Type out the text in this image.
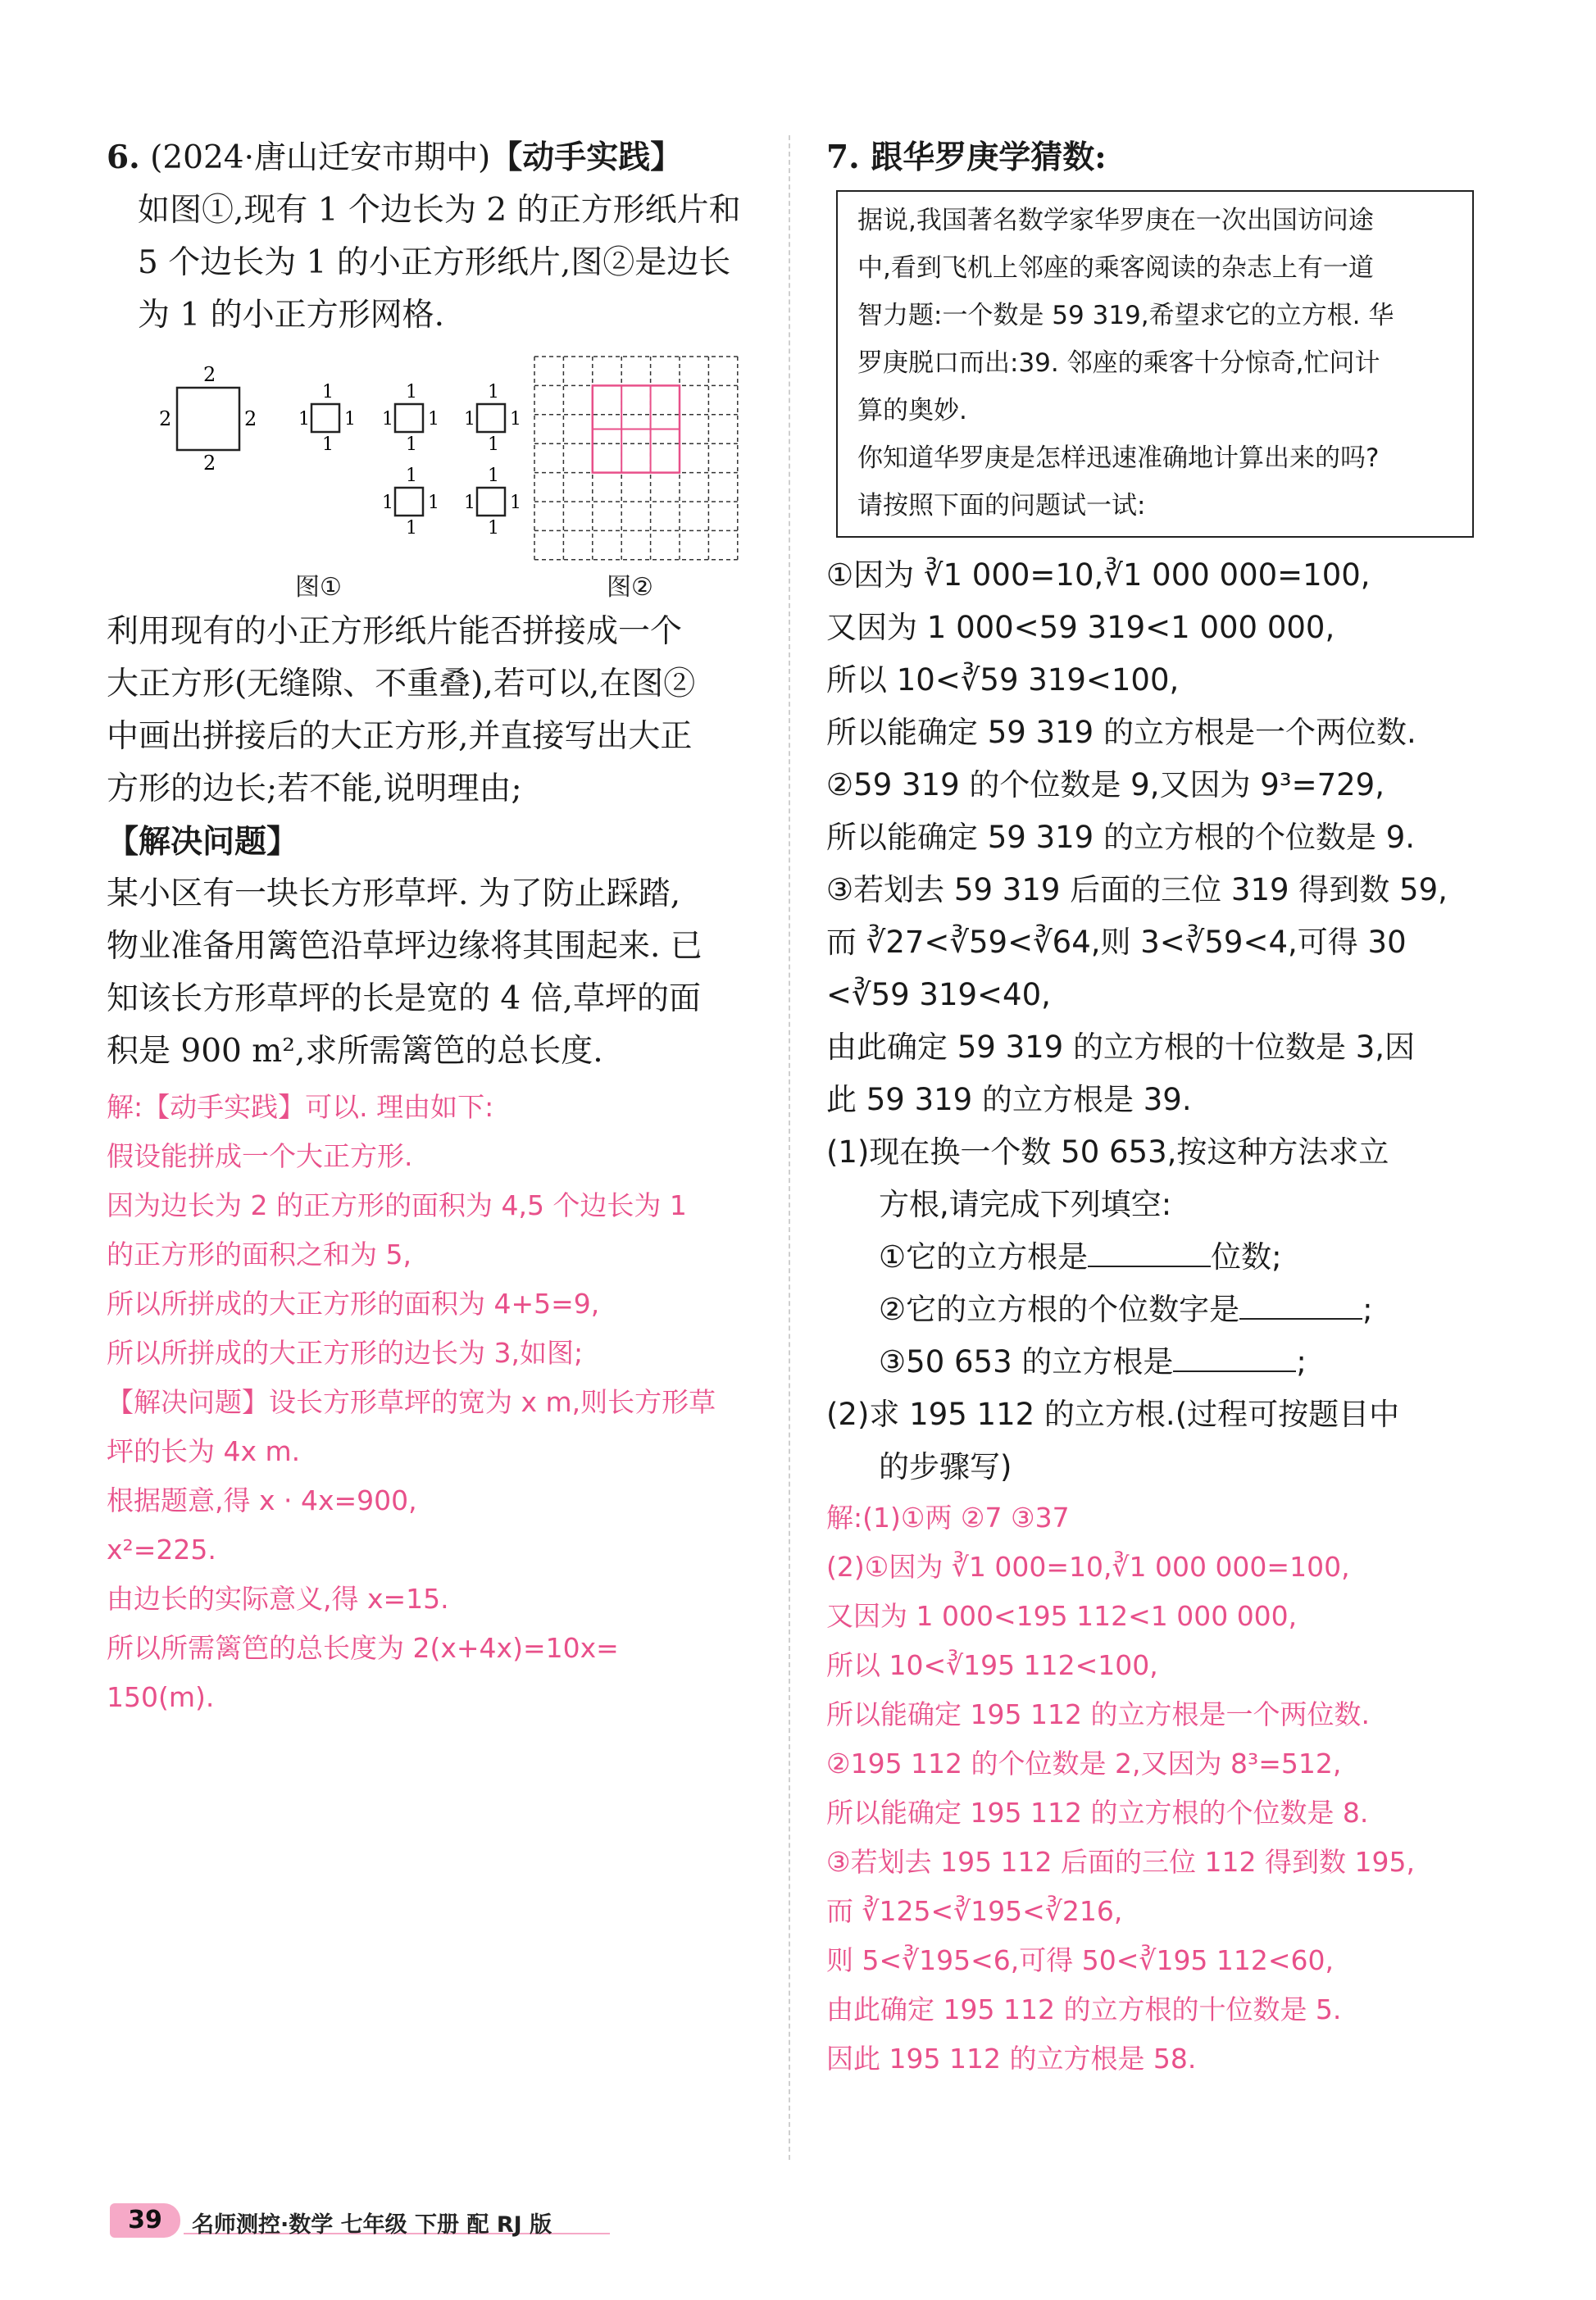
6. (2024·唐山迁安市期中)【动手实践】

如图①,现有 1 个边长为 2 的正方形纸片和

5 个边长为 1 的小正方形纸片,图②是边长

为 1 的小正方形网格.

2
2
2	2
1
1
1 1
1
1
1 1
1
1
1 1
1
1
1 1
1
1
1 1
图①	图②

利用现有的小正方形纸片能否拼接成一个

大正方形(无缝隙、不重叠),若可以,在图②

中画出拼接后的大正方形,并直接写出大正

方形的边长;若不能,说明理由;

【解决问题】

某小区有一块长方形草坪. 为了防止踩踏,

物业准备用篱笆沿草坪边缘将其围起来. 已

知该长方形草坪的长是宽的 4 倍,草坪的面

积是 900 m²,求所需篱笆的总长度.

解:【动手实践】可以. 理由如下:

假设能拼成一个大正方形.

因为边长为 2 的正方形的面积为 4,5 个边长为 1

的正方形的面积之和为 5,

所以所拼成的大正方形的面积为 4+5=9,

所以所拼成的大正方形的边长为 3,如图;

【解决问题】设长方形草坪的宽为 x m,则长方形草

坪的长为 4x m.

根据题意,得 x · 4x=900,

x²=225.

由边长的实际意义,得 x=15.

所以所需篱笆的总长度为 2(x+4x)=10x=

150(m).

7. 跟华罗庚学猜数:

据说,我国著名数学家华罗庚在一次出国访问途

中,看到飞机上邻座的乘客阅读的杂志上有一道

智力题:一个数是 59 319,希望求它的立方根. 华

罗庚脱口而出:39. 邻座的乘客十分惊奇,忙问计

算的奥妙.

你知道华罗庚是怎样迅速准确地计算出来的吗?

请按照下面的问题试一试:

①因为 ∛1 000=10,∛1 000 000=100,

又因为 1 000<59 319<1 000 000,

所以 10<∛59 319<100,

所以能确定 59 319 的立方根是一个两位数.

②59 319 的个位数是 9,又因为 9³=729,

所以能确定 59 319 的立方根的个位数是 9.

③若划去 59 319 后面的三位 319 得到数 59,

而 ∛27<∛59<∛64,则 3<∛59<4,可得 30

<∛59 319<40,

由此确定 59 319 的立方根的十位数是 3,因

此 59 319 的立方根是 39.

(1)现在换一个数 50 653,按这种方法求立

方根,请完成下列填空:

①它的立方根是	位数;

②它的立方根的个位数字是	;

③50 653 的立方根是	;

(2)求 195 112 的立方根.(过程可按题目中

的步骤写)

解:(1)①两 ②7 ③37

(2)①因为 ∛1 000=10,∛1 000 000=100,

又因为 1 000<195 112<1 000 000,

所以 10<∛195 112<100,

所以能确定 195 112 的立方根是一个两位数.

②195 112 的个位数是 2,又因为 8³=512,

所以能确定 195 112 的立方根的个位数是 8.

③若划去 195 112 后面的三位 112 得到数 195,

而 ∛125<∛195<∛216,

则 5<∛195<6,可得 50<∛195 112<60,

由此确定 195 112 的立方根的十位数是 5.

因此 195 112 的立方根是 58.

39	名师测控·数学 七年级 下册 配 RJ 版
